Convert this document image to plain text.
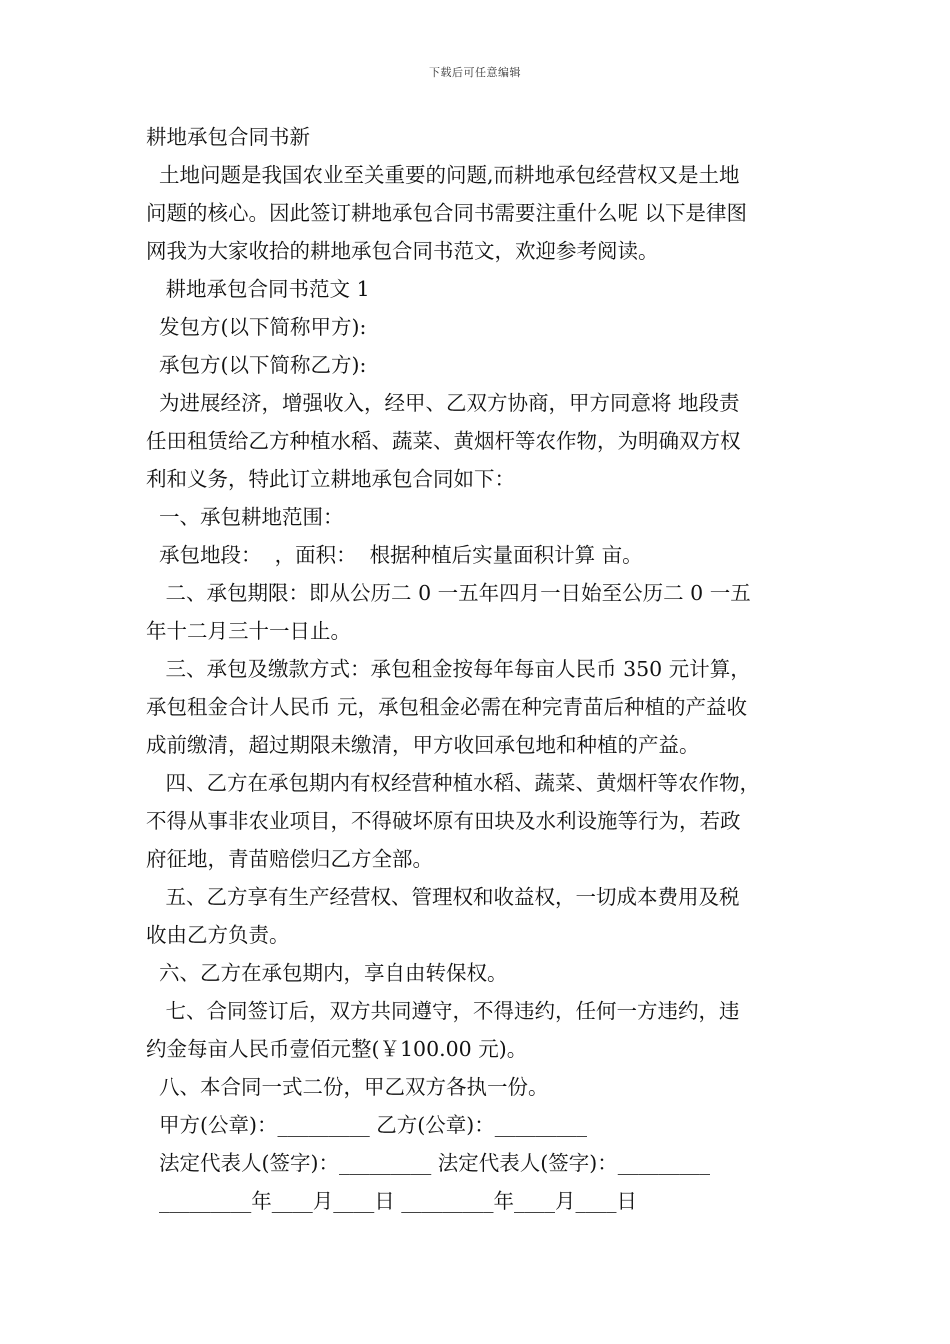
下载后可任意编辑
耕地承包合同书新
土地问题是我国农业至关重要的问题,而耕地承包经营权又是土地
问题的核心。因此签订耕地承包合同书需要注重什么呢 以下是律图
网我为大家收拾的耕地承包合同书范文，欢迎参考阅读。
耕地承包合同书范文 1
发包方(以下简称甲方):
承包方(以下简称乙方):
为进展经济，增强收入，经甲、乙双方协商，甲方同意将 地段责
任田租赁给乙方种植水稻、蔬菜、黄烟杆等农作物，为明确双方权
利和义务，特此订立耕地承包合同如下：
一、承包耕地范围：
承包地段：  ，面积：  根据种植后实量面积计算 亩。
二、承包期限：即从公历二 0 一五年四月一日始至公历二 0 一五
年十二月三十一日止。
三、承包及缴款方式：承包租金按每年每亩人民币 350 元计算，
承包租金合计人民币 元，承包租金必需在种完青苗后种植的产益收
成前缴清，超过期限未缴清，甲方收回承包地和种植的产益。
四、乙方在承包期内有权经营种植水稻、蔬菜、黄烟杆等农作物，
不得从事非农业项目，不得破坏原有田块及水利设施等行为，若政
府征地，青苗赔偿归乙方全部。
五、乙方享有生产经营权、管理权和收益权，一切成本费用及税
收由乙方负责。
六、乙方在承包期内，享自由转保权。
七、合同签订后，双方共同遵守，不得违约，任何一方违约，违
约金每亩人民币壹佰元整(￥100.00 元)。
八、本合同一式二份，甲乙双方各执一份。
甲方(公章)：_________ 乙方(公章)：_________
法定代表人(签字)：_________ 法定代表人(签字)：_________
_________年____月____日 _________年____月____日
